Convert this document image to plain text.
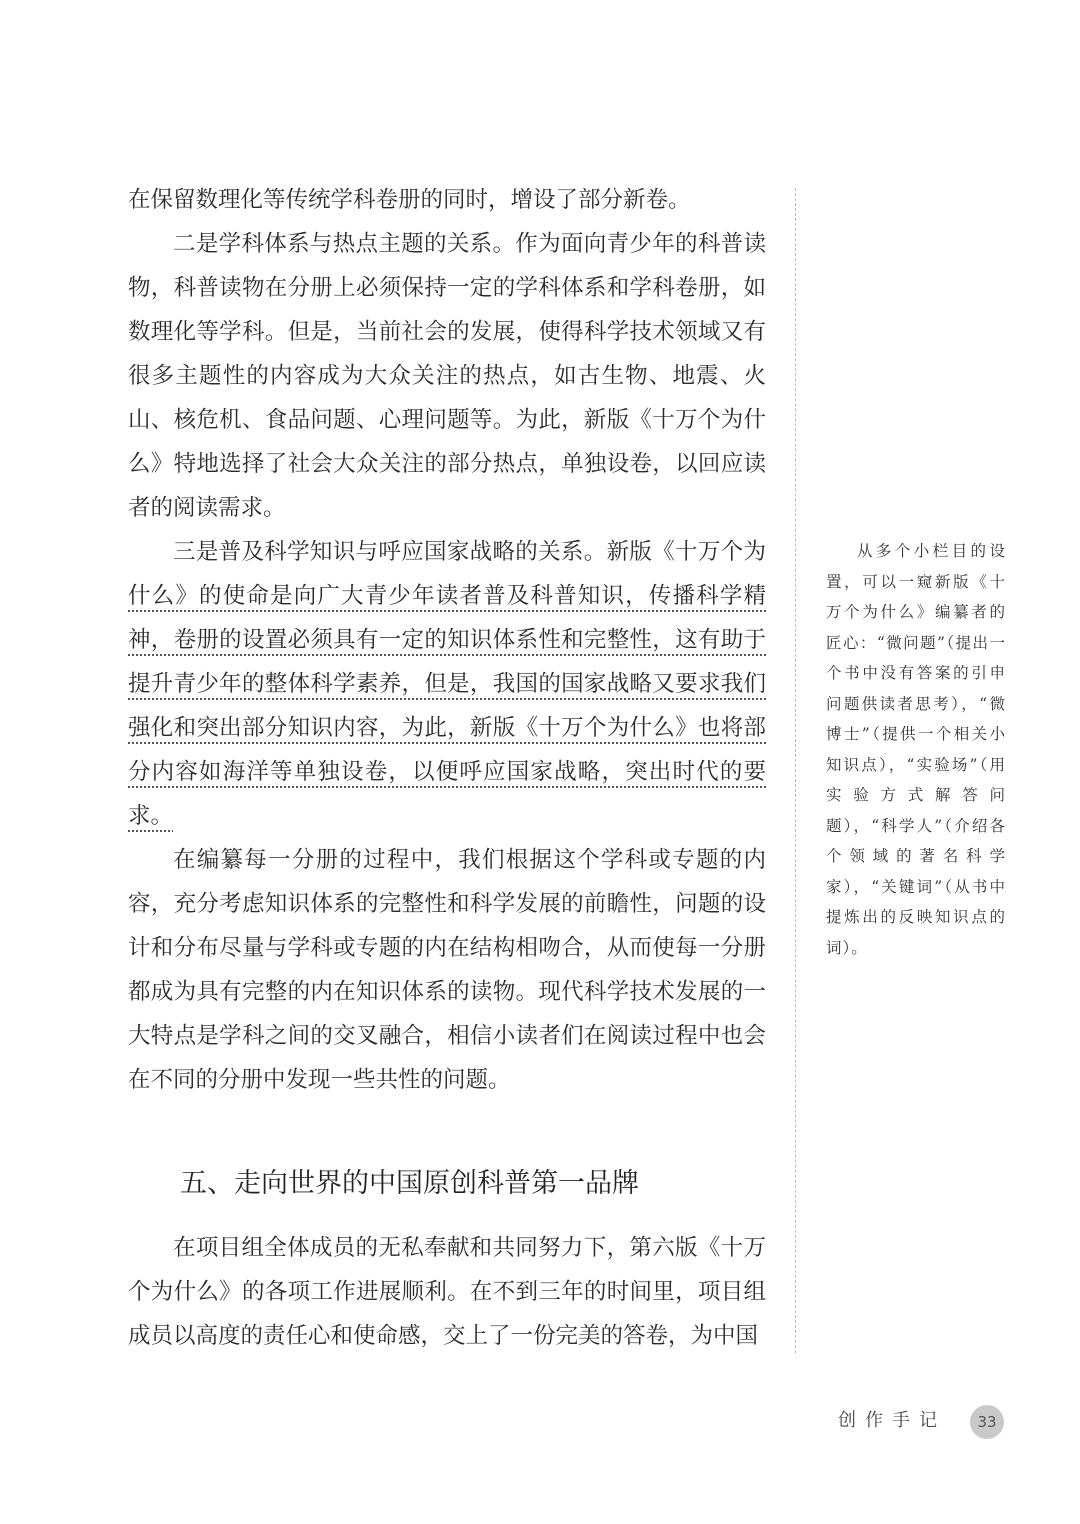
在保留数理化等传统学科卷册的同时，增设了部分新卷。

二是学科体系与热点主题的关系。作为面向青少年的科普读物，科普读物在分册上必须保持一定的学科体系和学科卷册，如数理化等学科。但是，当前社会的发展，使得科学技术领域又有很多主题性的内容成为大众关注的热点，如古生物、地震、火山、核危机、食品问题、心理问题等。为此，新版《十万个为什么》特地选择了社会大众关注的部分热点，单独设卷，以回应读者的阅读需求。

三是普及科学知识与呼应国家战略的关系。新版《十万个为什么》的使命是向广大青少年读者普及科普知识，传播科学精神，卷册的设置必须具有一定的知识体系性和完整性，这有助于提升青少年的整体科学素养，但是，我国的国家战略又要求我们强化和突出部分知识内容，为此，新版《十万个为什么》也将部分内容如海洋等单独设卷，以便呼应国家战略，突出时代的要求。

在编纂每一分册的过程中，我们根据这个学科或专题的内容，充分考虑知识体系的完整性和科学发展的前瞻性，问题的设计和分布尽量与学科或专题的内在结构相吻合，从而使每一分册都成为具有完整的内在知识体系的读物。现代科学技术发展的一大特点是学科之间的交叉融合，相信小读者们在阅读过程中也会在不同的分册中发现一些共性的问题。

五、走向世界的中国原创科普第一品牌

在项目组全体成员的无私奉献和共同努力下，第六版《十万个为什么》的各项工作进展顺利。在不到三年的时间里，项目组成员以高度的责任心和使命感，交上了一份完美的答卷，为中国

从多个小栏目的设置，可以一窥新版《十万个为什么》编纂者的匠心：“微问题”（提出一个书中没有答案的引申问题供读者思考），“微博士”（提供一个相关小知识点），“实验场”（用实验方式解答问题），“科学人”（介绍各个领域的著名科学家），“关键词”（从书中提炼出的反映知识点的词）。

创作手记	33
